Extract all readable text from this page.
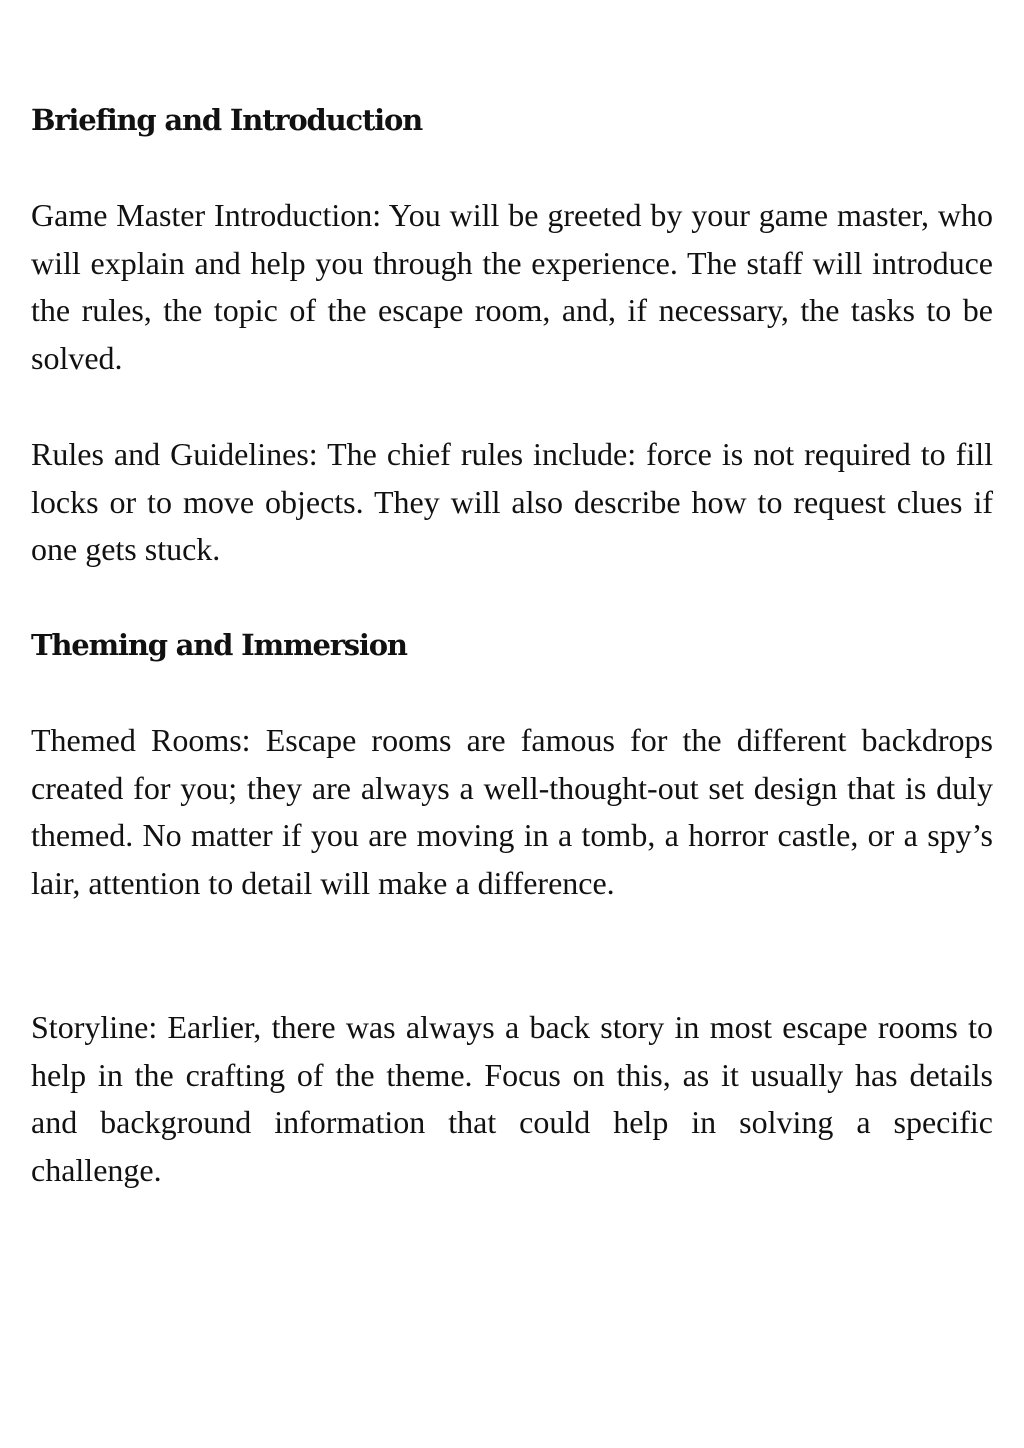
Briefing and Introduction

Game Master Introduction: You will be greeted by your game master, who will explain and help you through the experience. The staff will introduce the rules, the topic of the escape room, and, if necessary, the tasks to be solved.

Rules and Guidelines: The chief rules include: force is not required to fill locks or to move objects. They will also describe how to request clues if one gets stuck.

Theming and Immersion

Themed Rooms: Escape rooms are famous for the different backdrops created for you; they are always a well-thought-out set design that is duly themed. No matter if you are moving in a tomb, a horror castle, or a spy’s lair, attention to detail will make a difference.

Storyline: Earlier, there was always a back story in most escape rooms to help in the crafting of the theme. Focus on this, as it usually has details and background information that could help in solving a specific challenge.
